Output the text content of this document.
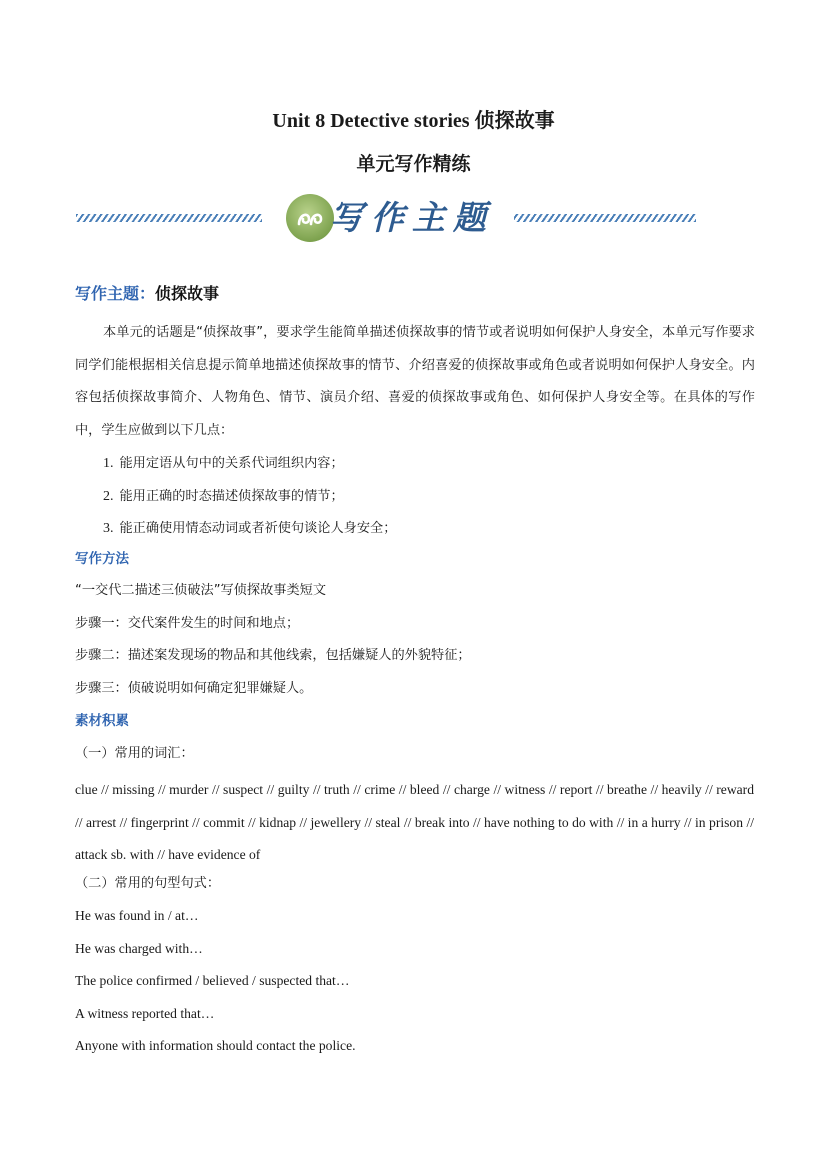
Unit 8 Detective stories 侦探故事
单元写作精练
写作主题
写作主题：侦探故事

本单元的话题是“侦探故事”，要求学生能简单描述侦探故事的情节或者说明如何保护人身安全，本单元写作要求同学们能根据相关信息提示简单地描述侦探故事的情节、介绍喜爱的侦探故事或角色或者说明如何保护人身安全。内容包括侦探故事简介、人物角色、情节、演员介绍、喜爱的侦探故事或角色、如何保护人身安全等。在具体的写作中，学生应做到以下几点：

1. 能用定语从句中的关系代词组织内容；
2. 能用正确的时态描述侦探故事的情节；
3. 能正确使用情态动词或者祈使句谈论人身安全；
写作方法
“一交代二描述三侦破法”写侦探故事类短文
步骤一：交代案件发生的时间和地点；
步骤二：描述案发现场的物品和其他线索，包括嫌疑人的外貌特征；
步骤三：侦破说明如何确定犯罪嫌疑人。
素材积累
（一）常用的词汇：

clue // missing // murder // suspect // guilty // truth // crime // bleed // charge // witness // report // breathe // heavily // reward // arrest // fingerprint // commit // kidnap // jewellery // steal // break into // have nothing to do with // in a hurry // in prison // attack sb. with // have evidence of

（二）常用的句型句式：
He was found in / at…
He was charged with…
The police confirmed / believed / suspected that…
A witness reported that…
Anyone with information should contact the police.
